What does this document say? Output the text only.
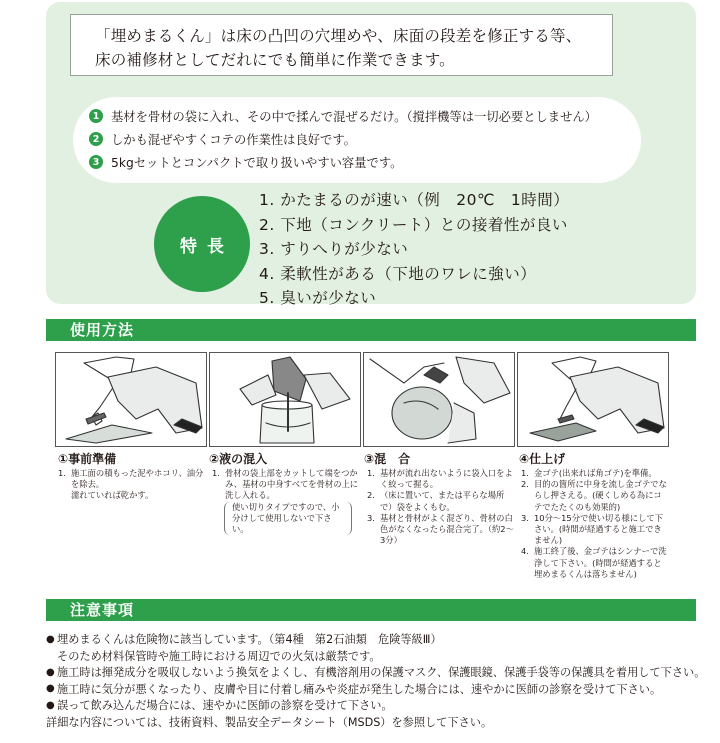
「埋めまるくん」は床の凸凹の穴埋めや、床面の段差を修正する等、
床の補修材としてだれにでも簡単に作業できます。
1 基材を骨材の袋に入れ、その中で揉んで混ぜるだけ。（撹拌機等は一切必要としません）
2 しかも混ぜやすくコテの作業性は良好です。
3 5kgセットとコンパクトで取り扱いやすい容量です。
特長
1. かたまるのが速い（例　20℃　1時間）
2. 下地（コンクリート）との接着性が良い
3. すりへりが少ない
4. 柔軟性がある（下地のワレに強い）
5. 臭いが少ない
使用方法
①事前準備
1. 施工面の積もった泥やホコリ、油分を除去。
濡れていれば乾かす。
②液の混入
1. 骨材の袋上部をカットして端をつかみ、基材の中身すべてを骨材の上に洗し入れる。
使い切りタイプですので、小分けして使用しないで下さい。
③混　合
1. 基材が流れ出ないように袋入口をよく絞って握る。
2. （床に置いて、または平らな場所で）袋をよくもむ。
3. 基材と骨材がよく混ざり、骨材の白色がなくなったら混合完了。（約2～3分）
④仕上げ
1. 金ゴテ(出来れば角ゴテ)を準備。
2. 目的の箇所に中身を流し金ゴテでならし押さえる。(硬くしめる為にコテでたたくのも効果的)
3. 10分～15分で使い切る様にして下さい。(時間が経過すると施工できません)
4. 施工終了後、金ゴテはシンナーで洗浄して下さい。(時間が経過すると埋めまるくんは落ちません)
注意事項
● 埋めまるくんは危険物に該当しています。（第4種　第2石油類　危険等級Ⅲ）
そのため材料保管時や施工時における周辺での火気は厳禁です。
● 施工時は揮発成分を吸収しないよう換気をよくし、有機溶剤用の保護マスク、保護眼鏡、保護手袋等の保護具を着用して下さい。
● 施工時に気分が悪くなったり、皮膚や目に付着し痛みや炎症が発生した場合には、速やかに医師の診察を受けて下さい。
● 誤って飲み込んだ場合には、速やかに医師の診察を受けて下さい。
詳細な内容については、技術資料、製品安全データシート（MSDS）を参照して下さい。
